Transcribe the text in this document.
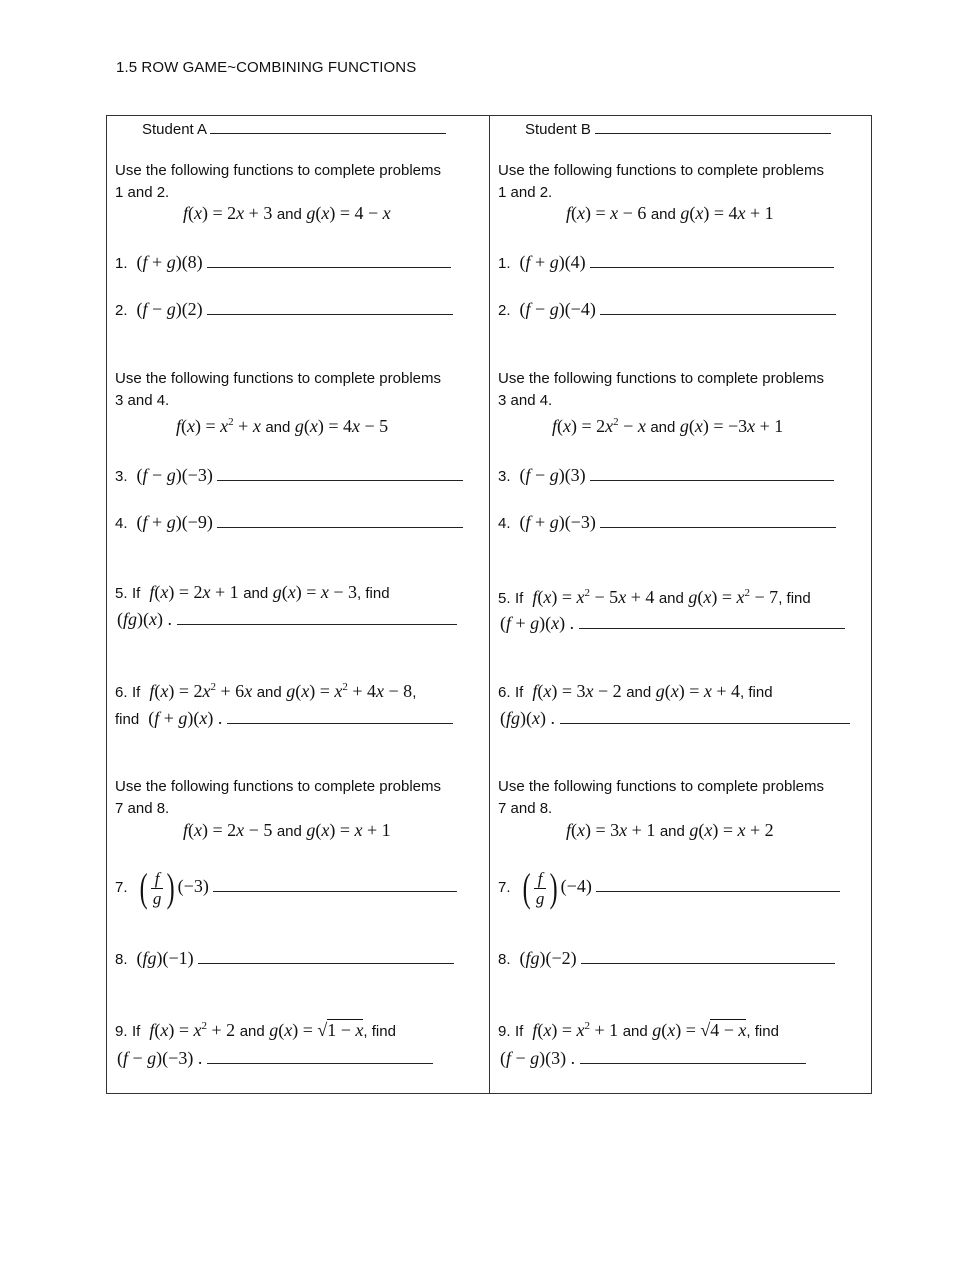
1.5 ROW GAME~COMBINING FUNCTIONS
Student A
Use the following functions to complete problems
1 and 2.
f(x) = 2x + 3 and g(x) = 4 − x
1.  (f + g)(8)
2.  (f − g)(2)
Use the following functions to complete problems
3 and 4.
$f(x) = x^2 + x$ and g(x) = 4x − 5
3.  (f − g)(−3)
4.  (f + g)(−9)
5. If f(x) = 2x + 1 and g(x) = x − 3, find
(fg)(x) .
6. If $f(x) = 2x^2 + 6x$ and $g(x) = x^2 + 4x - 8$,
find  (f + g)(x) .
Use the following functions to complete problems
7 and 8.
f(x) = 2x − 5 and g(x) = x + 1
7. ( $\frac{f}{g}$ ) (−3)
8.  (fg)(−1)
9. If $f(x) = x^2 + 2$ and g(x) = √1 − x, find
(f − g)(−3) .
Student B
Use the following functions to complete problems
1 and 2.
f(x) = x − 6 and g(x) = 4x + 1
1.  (f + g)(4)
2.  (f − g)(−4)
Use the following functions to complete problems
3 and 4.
$f(x) = 2x^2 - x$ and g(x) = −3x + 1
3.  (f − g)(3)
4.  (f + g)(−3)
5. If $f(x) = x^2 - 5x + 4$ and $g(x) = x^2 - 7$, find
(f + g)(x) .
6. If f(x) = 3x − 2 and g(x) = x + 4, find
(fg)(x) .
Use the following functions to complete problems
7 and 8.
f(x) = 3x + 1 and g(x) = x + 2
7. ( $\frac{f}{g}$ ) (−4)
8.  (fg)(−2)
9. If $f(x) = x^2 + 1$ and g(x) = √4 − x, find
(f − g)(3) .
